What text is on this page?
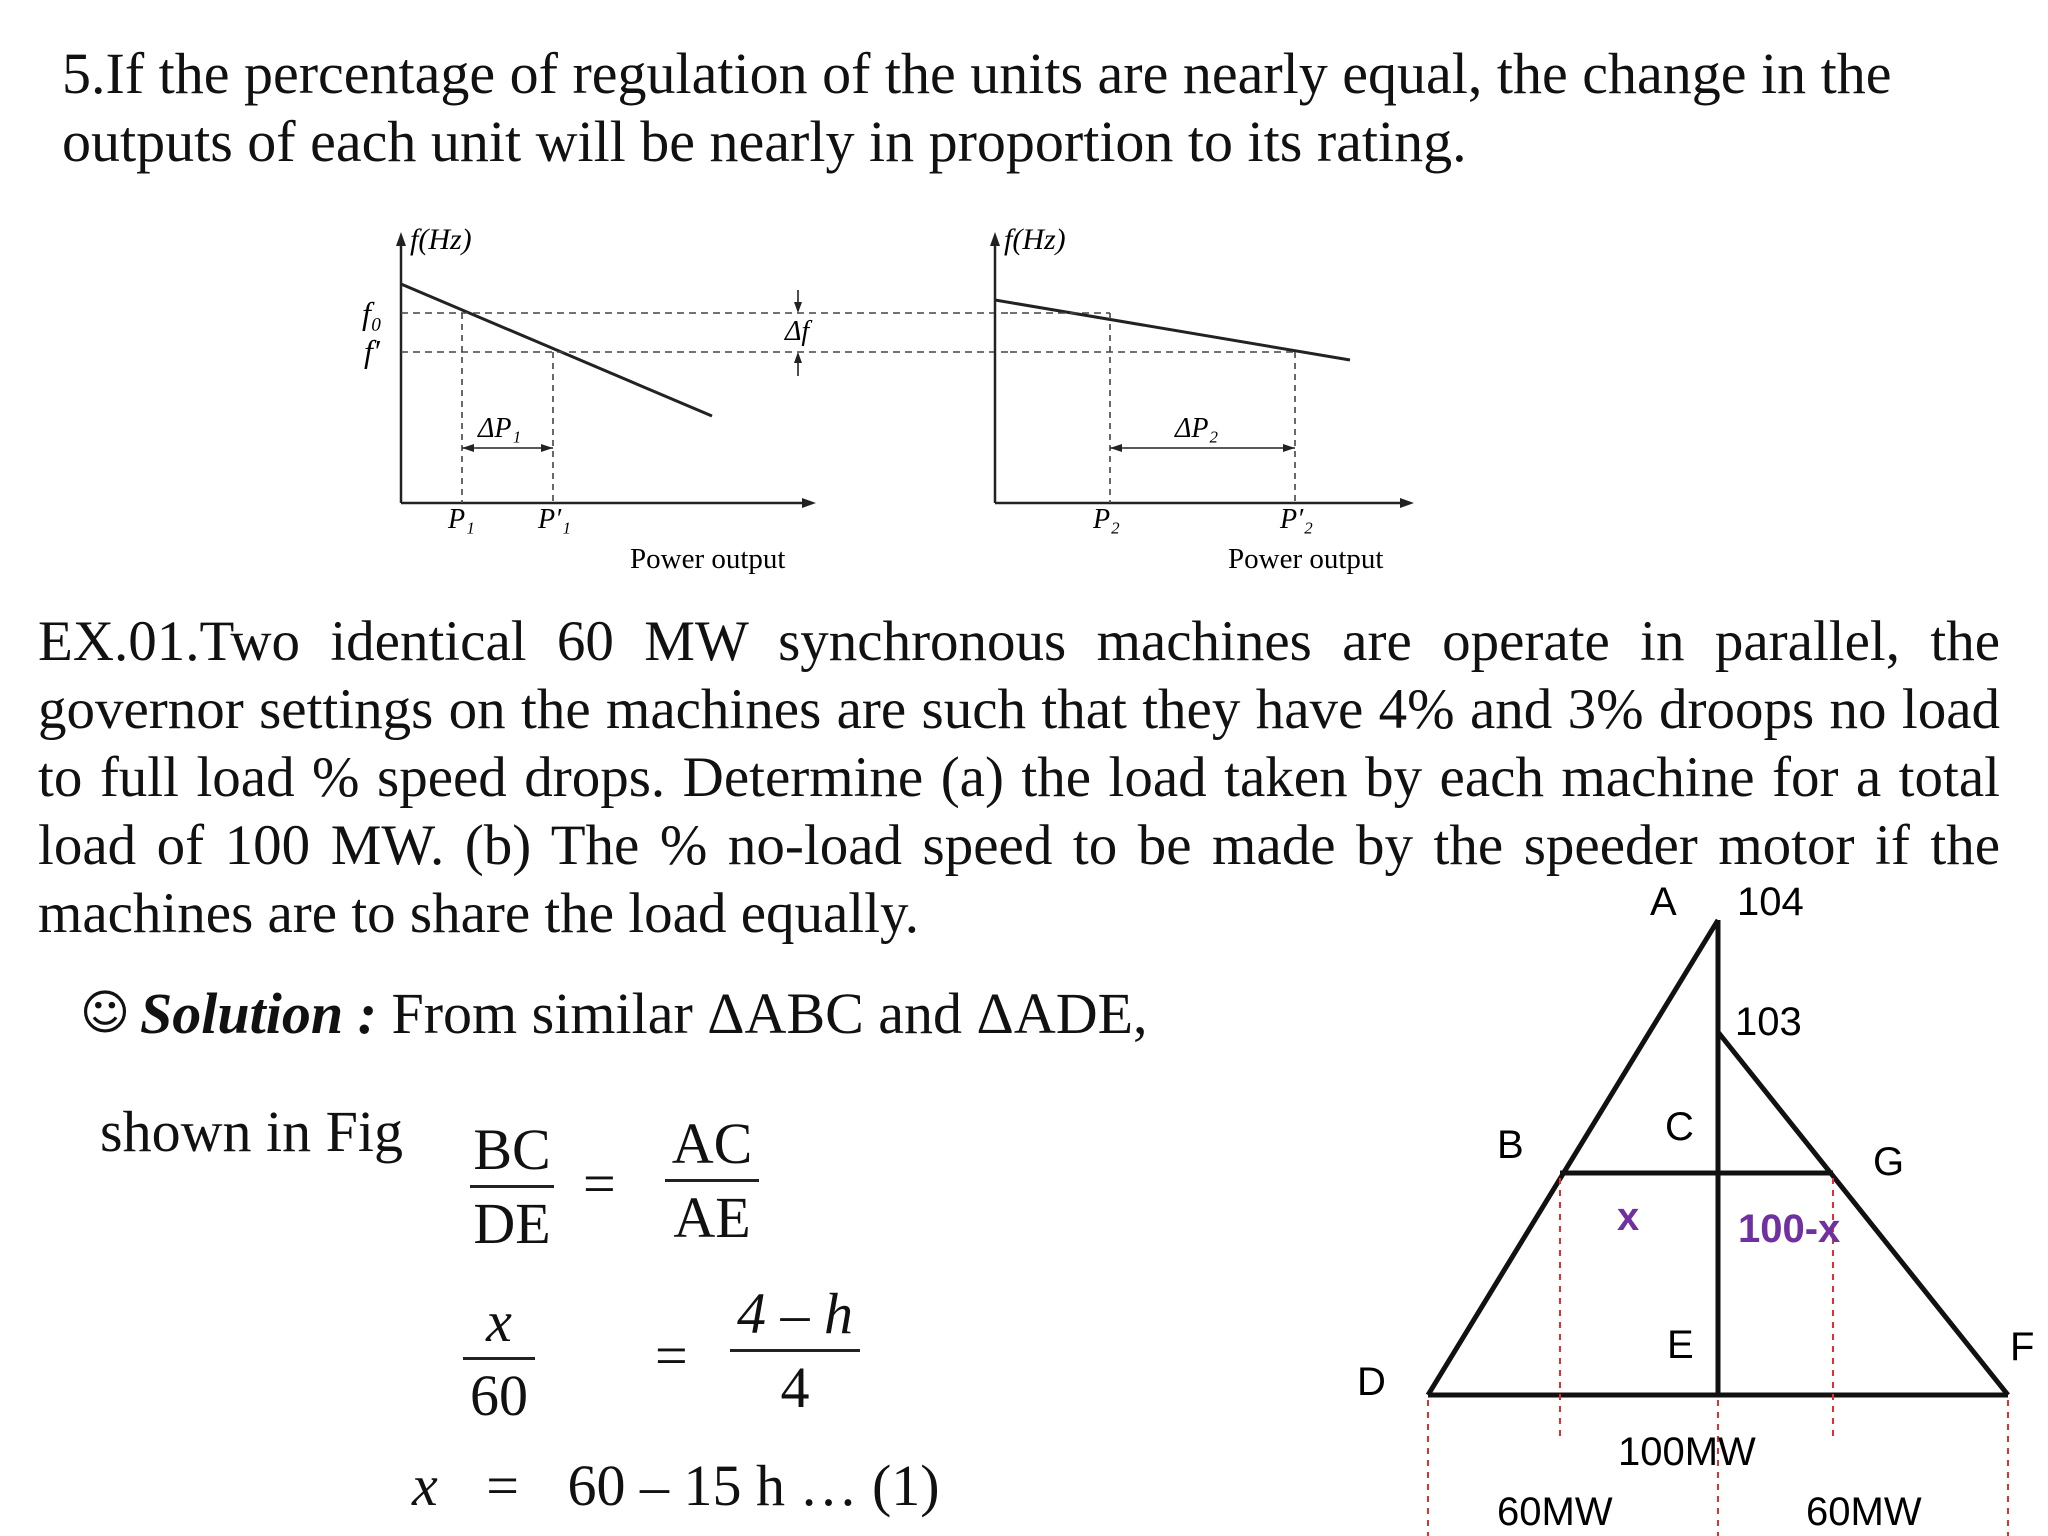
5.If the percentage of regulation of the units are nearly equal, the change in the outputs of each unit will be nearly in proportion to its rating.
f(Hz)
f₀
f′
Δf
ΔP₁
P₁ P′₁
Power output
f(Hz)
ΔP₂
P₂	P′₂
Power output
EX.01.Two identical 60 MW synchronous machines are operate in parallel, the governor settings on the machines are such that they have 4% and 3% droops no load to full load % speed drops. Determine (a) the load taken by each machine for a total load of 100 MW. (b) The % no-load speed to be made by the speeder motor if the machines are to share the load equally.
☺ Solution : From similar ΔABC and ΔADE,
shown in Fig BC
DE
=
AC
AE
x
60
=
4 – h
4
x = 60 – 15 h … (1)
A 104
103
B	C
G
x 100-x
E
D
F
100MW
60MW	60MW
